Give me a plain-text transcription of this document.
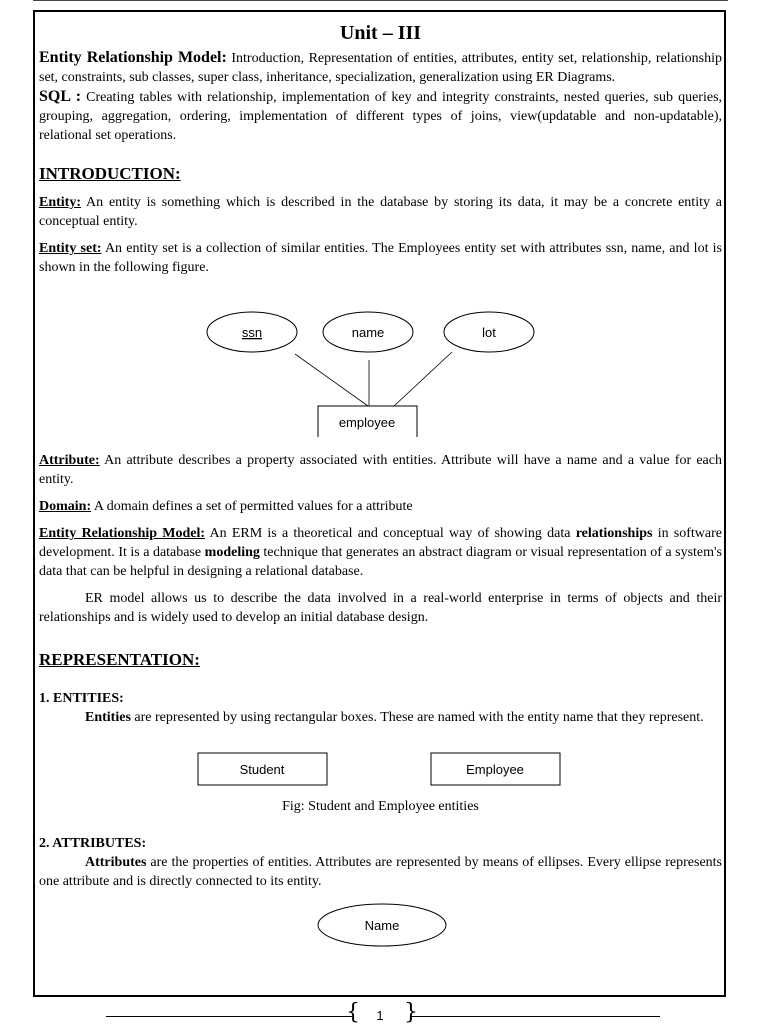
Unit – III

Entity Relationship Model: Introduction, Representation of entities, attributes, entity set, relationship, relationship set, constraints, sub classes, super class, inheritance, specialization, generalization using ER Diagrams.

SQL : Creating tables with relationship, implementation of key and integrity constraints, nested queries, sub queries, grouping, aggregation, ordering, implementation of different types of joins, view(updatable and non-updatable), relational set operations.

INTRODUCTION:

Entity: An entity is something which is described in the database by storing its data, it may be a concrete entity a conceptual entity.

Entity set: An entity set is a collection of similar entities. The Employees entity set with attributes ssn, name, and lot is shown in the following figure.

ssn	name	lot
employee

Attribute: An attribute describes a property associated with entities. Attribute will have a name and a value for each entity.

Domain: A domain defines a set of permitted values for a attribute

Entity Relationship Model: An ERM is a theoretical and conceptual way of showing data relationships in software development. It is a database modeling technique that generates an abstract diagram or visual representation of a system's data that can be helpful in designing a relational database.

ER model allows us to describe the data involved in a real-world enterprise in terms of objects and their relationships and is widely used to develop an initial database design.

REPRESENTATION:

1. ENTITIES:

Entities are represented by using rectangular boxes. These are named with the entity name that they represent.

Student	Employee

Fig: Student and Employee entities

2. ATTRIBUTES:

Attributes are the properties of entities. Attributes are represented by means of ellipses. Every ellipse represents one attribute and is directly connected to its entity.

Name
{ }
1
